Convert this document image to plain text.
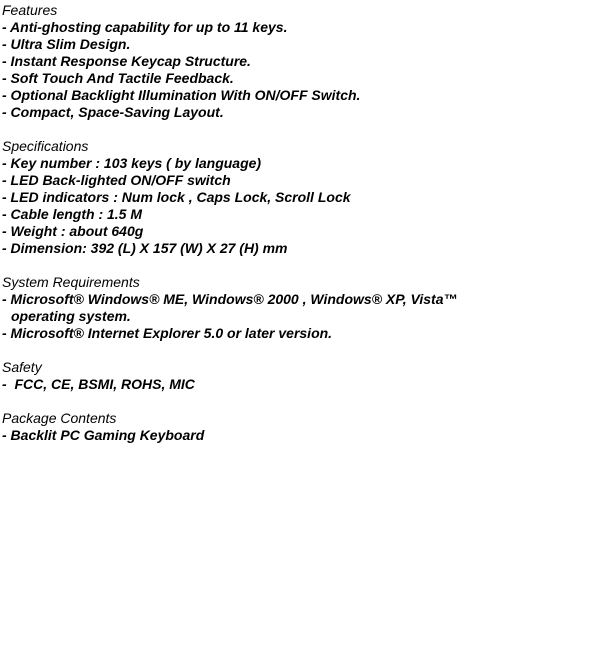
Features
- Anti-ghosting capability for up to 11 keys.
- Ultra Slim Design.
- Instant Response Keycap Structure.
- Soft Touch And Tactile Feedback.
- Optional Backlight Illumination With ON/OFF Switch.
- Compact, Space-Saving Layout.
Specifications
- Key number : 103 keys ( by language)
- LED Back-lighted ON/OFF switch
- LED indicators : Num lock , Caps Lock, Scroll Lock
- Cable length : 1.5 M
- Weight : about 640g
- Dimension: 392 (L) X 157 (W) X 27 (H) mm
System Requirements
- Microsoft® Windows® ME, Windows® 2000 , Windows® XP, Vista™
operating system.
- Microsoft® Internet Explorer 5.0 or later version.
Safety
-  FCC, CE, BSMI, ROHS, MIC
Package Contents
- Backlit PC Gaming Keyboard
